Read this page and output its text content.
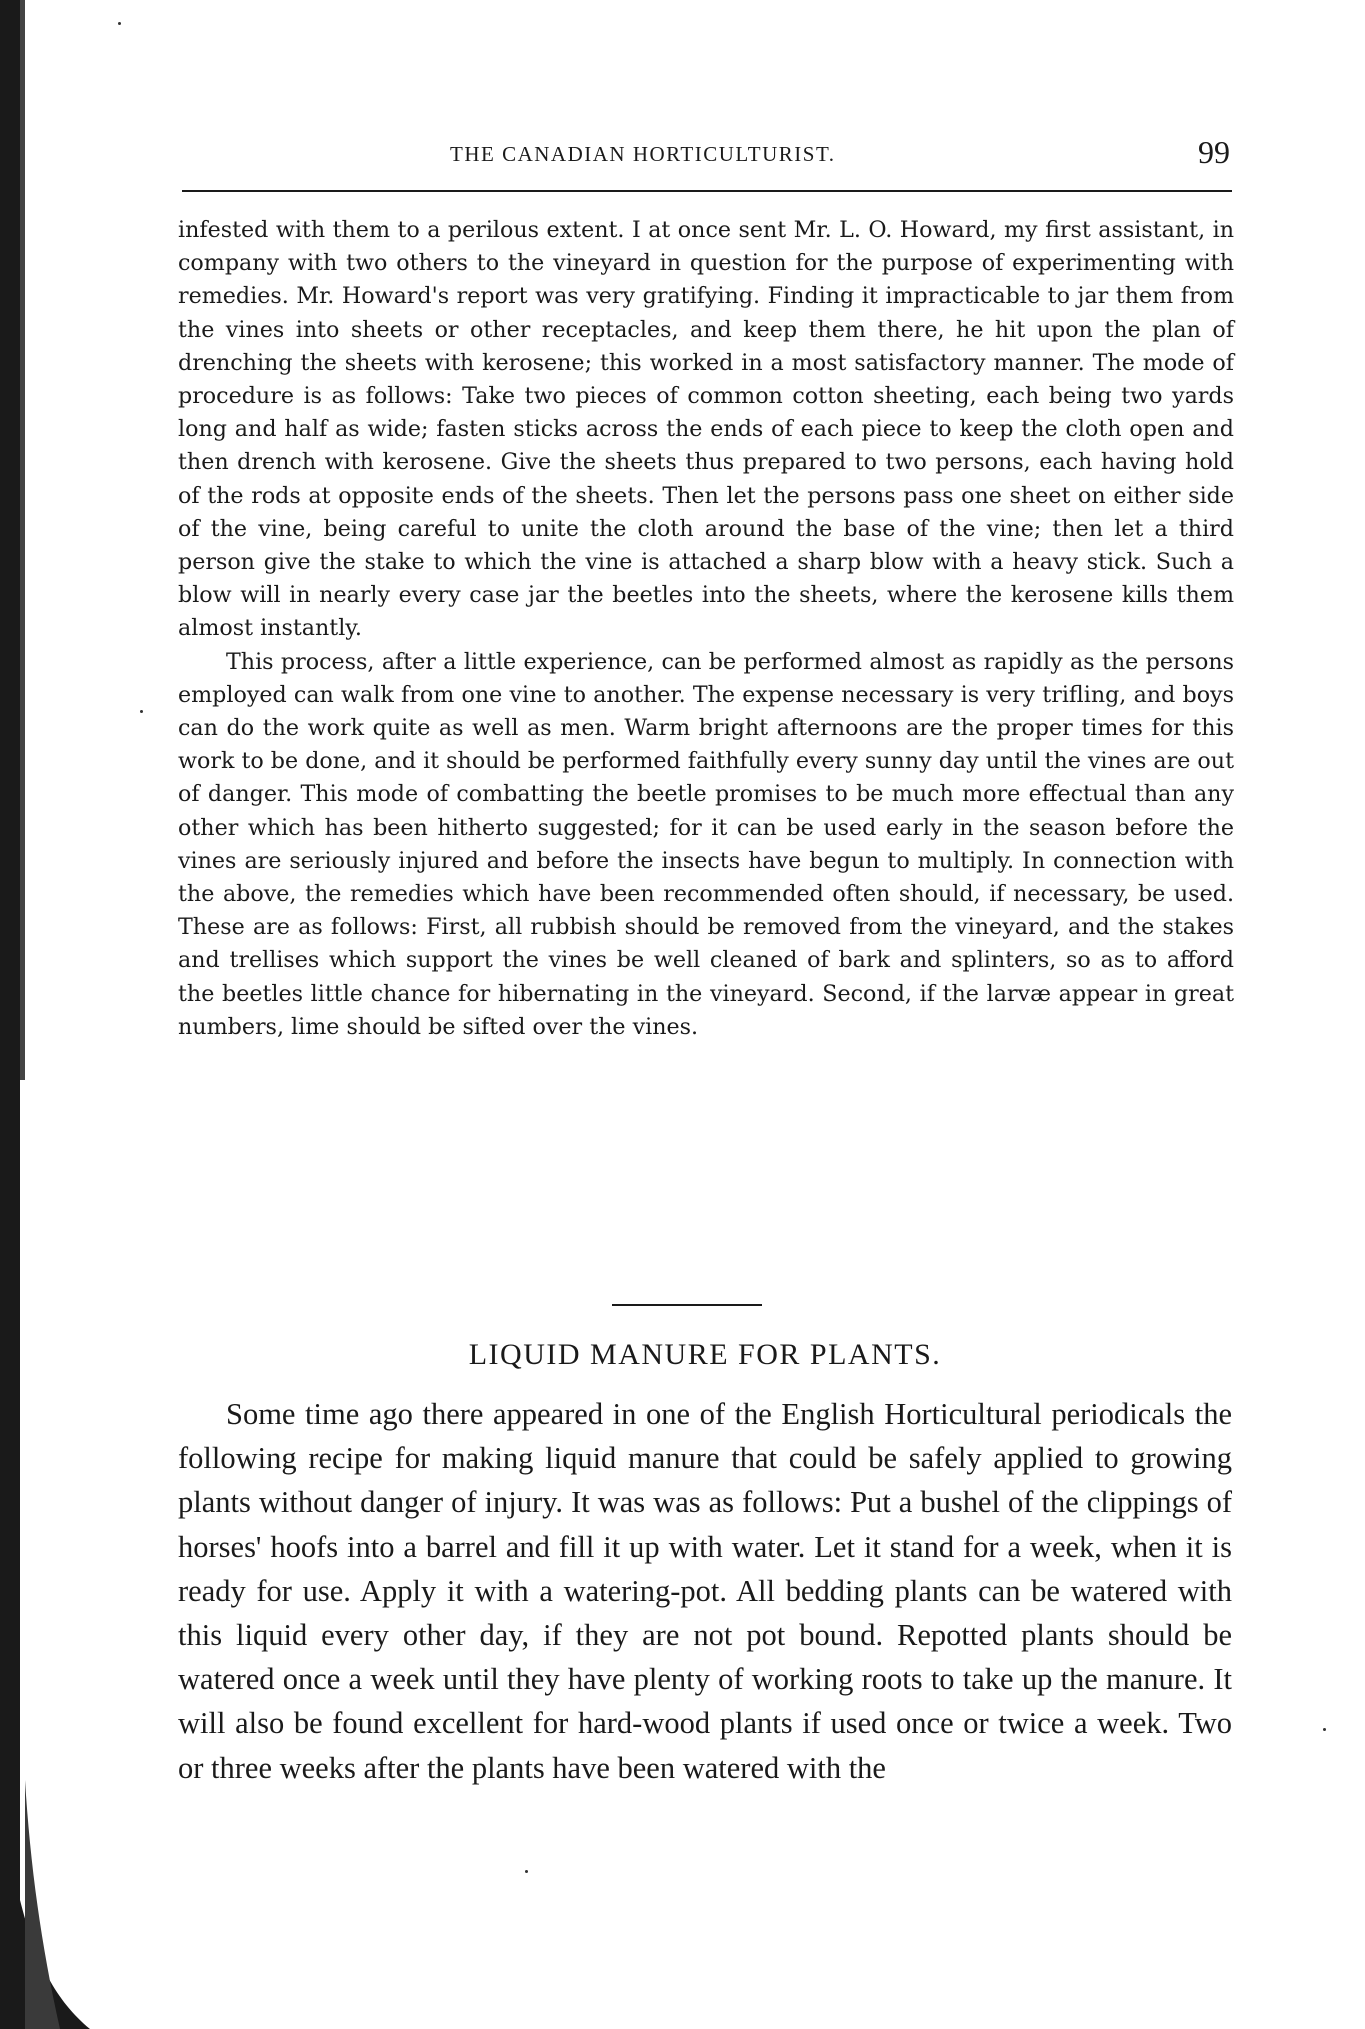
THE CANADIAN HORTICULTURIST.	99

infested with them to a perilous extent. I at once sent Mr. L. O. Howard, my first assistant, in company with two others to the vineyard in question for the purpose of experimenting with remedies. Mr. Howard's report was very gratifying. Finding it impracticable to jar them from the vines into sheets or other receptacles, and keep them there, he hit upon the plan of drenching the sheets with kerosene; this worked in a most satisfactory manner. The mode of procedure is as follows: Take two pieces of common cotton sheeting, each being two yards long and half as wide; fasten sticks across the ends of each piece to keep the cloth open and then drench with kerosene. Give the sheets thus prepared to two persons, each having hold of the rods at opposite ends of the sheets. Then let the persons pass one sheet on either side of the vine, being careful to unite the cloth around the base of the vine; then let a third person give the stake to which the vine is attached a sharp blow with a heavy stick. Such a blow will in nearly every case jar the beetles into the sheets, where the kerosene kills them almost instantly.

This process, after a little experience, can be performed almost as rapidly as the persons employed can walk from one vine to another. The expense necessary is very trifling, and boys can do the work quite as well as men. Warm bright afternoons are the proper times for this work to be done, and it should be performed faithfully every sunny day until the vines are out of danger. This mode of combatting the beetle promises to be much more effectual than any other which has been hitherto suggested; for it can be used early in the season before the vines are seriously injured and before the insects have begun to multiply. In connection with the above, the remedies which have been recommended often should, if necessary, be used. These are as follows: First, all rubbish should be removed from the vineyard, and the stakes and trellises which support the vines be well cleaned of bark and splinters, so as to afford the beetles little chance for hibernating in the vineyard. Second, if the larvæ appear in great numbers, lime should be sifted over the vines.

LIQUID MANURE FOR PLANTS.

Some time ago there appeared in one of the English Horticultural periodicals the following recipe for making liquid manure that could be safely applied to growing plants without danger of injury. It was was as follows: Put a bushel of the clippings of horses' hoofs into a barrel and fill it up with water. Let it stand for a week, when it is ready for use. Apply it with a watering-pot. All bedding plants can be watered with this liquid every other day, if they are not pot bound. Repotted plants should be watered once a week until they have plenty of working roots to take up the manure. It will also be found excellent for hard-wood plants if used once or twice a week. Two or three weeks after the plants have been watered with the
